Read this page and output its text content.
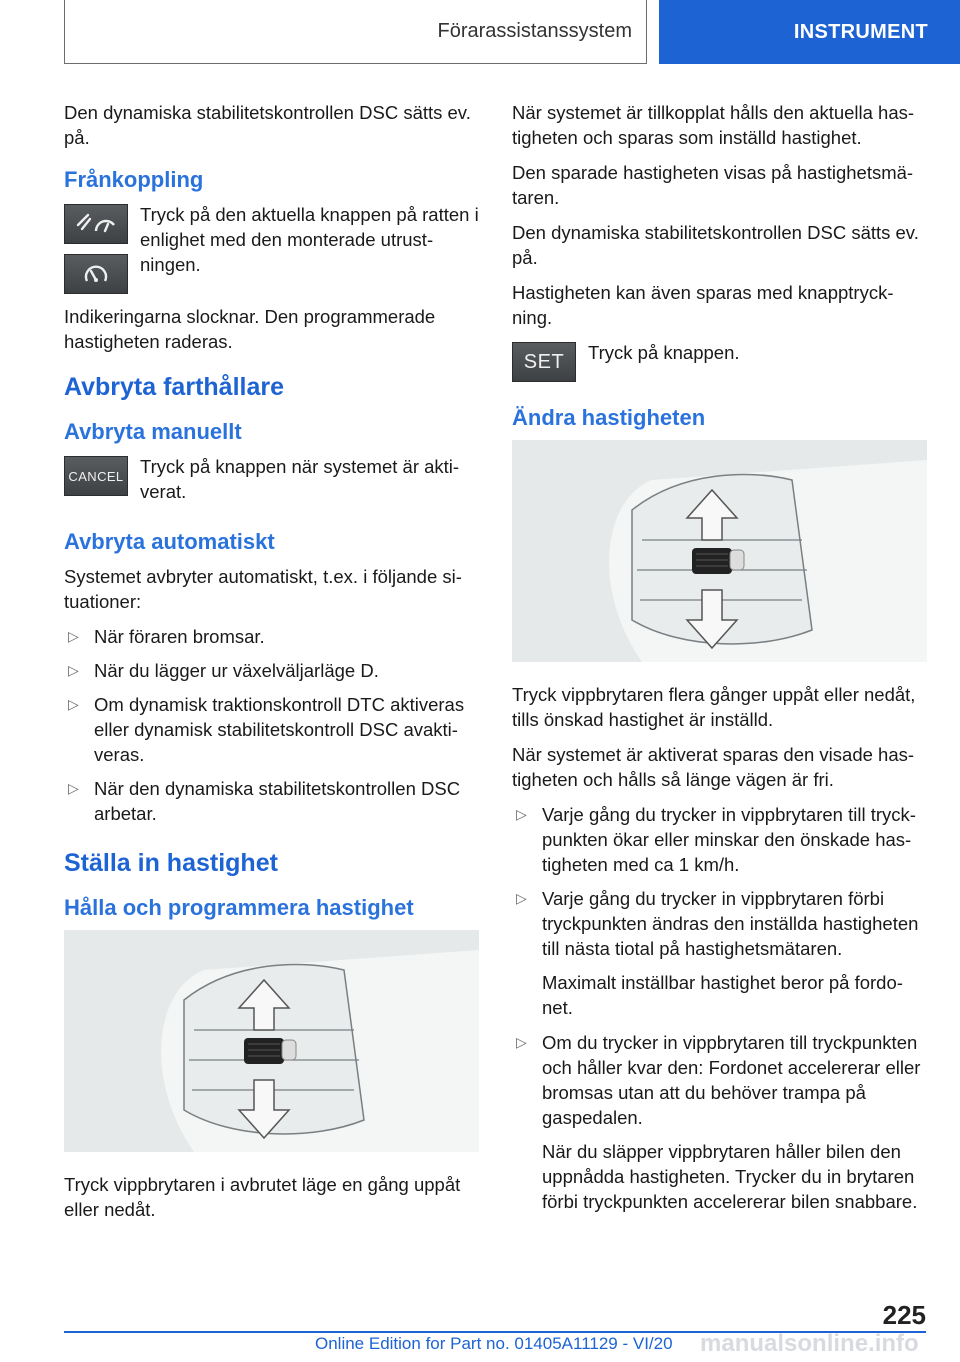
Förarassistanssystem	INSTRUMENT

Den dynamiska stabilitetskontrollen DSC sätts ev. på.

Frånkoppling
Tryck på den aktuella knappen på ratten i enlighet med den monterade utrustningen.

Indikeringarna slocknar. Den programmerade hastigheten raderas.

Avbryta farthållare
Avbryta manuellt
CANCEL Tryck på knappen när systemet är aktiverat.
Avbryta automatiskt

Systemet avbryter automatiskt, t.ex. i följande situationer:

▷ När föraren bromsar.
▷ När du lägger ur växelväljarläge D.
▷ Om dynamisk traktionskontroll DTC aktiveras eller dynamisk stabilitetskontroll DSC avaktiveras.
▷ När den dynamiska stabilitetskontrollen DSC arbetar.
Ställa in hastighet
Hålla och programmera hastighet

Tryck vippbrytaren i avbrutet läge en gång uppåt eller nedåt.

När systemet är tillkopplat hålls den aktuella hastigheten och sparas som inställd hastighet.

Den sparade hastigheten visas på hastighetsmätaren.

Den dynamiska stabilitetskontrollen DSC sätts ev. på.

Hastigheten kan även sparas med knapptryckning.

SET	Tryck på knappen.
Ändra hastigheten

Tryck vippbrytaren flera gånger uppåt eller nedåt, tills önskad hastighet är inställd.

När systemet är aktiverat sparas den visade hastigheten och hålls så länge vägen är fri.

▷ Varje gång du trycker in vippbrytaren till tryckpunkten ökar eller minskar den önskade hastigheten med ca 1 km/h.
▷ Varje gång du trycker in vippbrytaren förbi tryckpunkten ändras den inställda hastigheten till nästa tiotal på hastighetsmätaren.

Maximalt inställbar hastighet beror på fordonet.

▷ Om du trycker in vippbrytaren till tryckpunkten och håller kvar den: Fordonet accelererar eller bromsas utan att du behöver trampa på gaspedalen.

När du släpper vippbrytaren håller bilen den uppnådda hastigheten. Trycker du in brytaren förbi tryckpunkten accelererar bilen snabbare.

225
manualsonline.info
Online Edition for Part no. 01405A11129 - VI/20
